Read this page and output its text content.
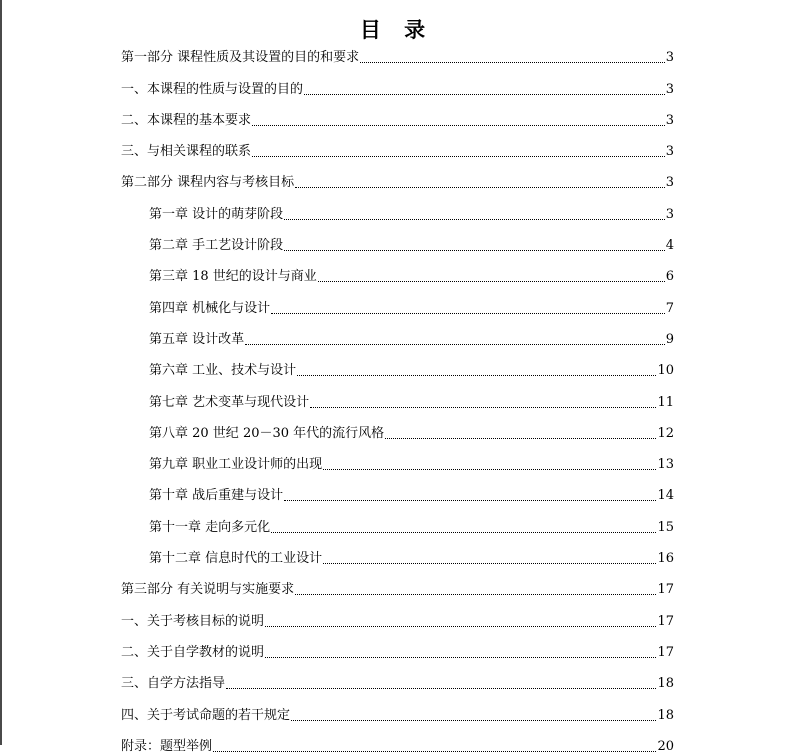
目 录
第一部分 课程性质及其设置的目的和要求	3
一、本课程的性质与设置的目的	3
二、本课程的基本要求	3
三、与相关课程的联系	3
第二部分 课程内容与考核目标	3
第一章 设计的萌芽阶段	3
第二章 手工艺设计阶段	4
第三章 18 世纪的设计与商业	6
第四章 机械化与设计	7
第五章 设计改革	9
第六章 工业、技术与设计	10
第七章 艺术变革与现代设计	11
第八章 20 世纪 20－30 年代的流行风格	12
第九章 职业工业设计师的出现	13
第十章 战后重建与设计	14
第十一章 走向多元化	15
第十二章 信息时代的工业设计	16
第三部分 有关说明与实施要求	17
一、关于考核目标的说明	17
二、关于自学教材的说明	17
三、自学方法指导	18
四、关于考试命题的若干规定	18
附录：题型举例	20
